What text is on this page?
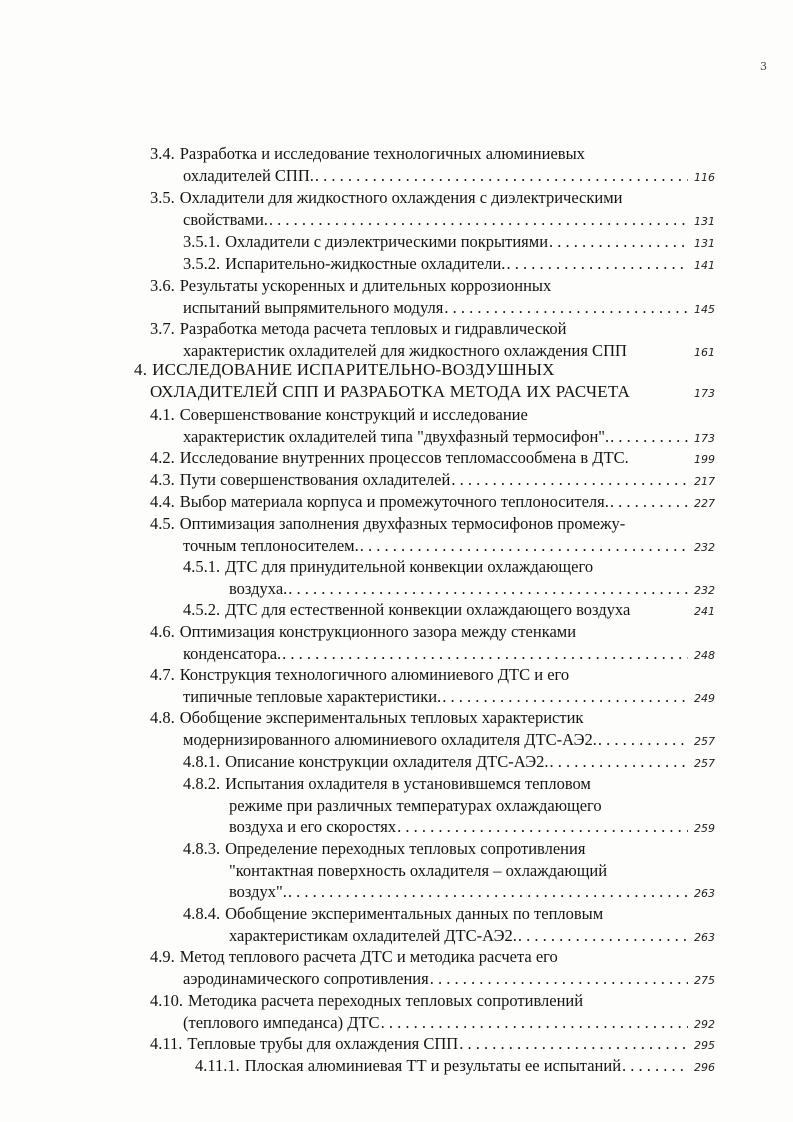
3
3.4. Разработка и исследование технологичных алюминиевых
охладителей СПП. . . .	116
3.5. Охладители для жидкостного охлаждения с диэлектрическими
свойствами. . . .	131
3.5.1. Охладители с диэлектрическими покрытиями . . .	131
3.5.2. Испарительно-жидкостные охладители. . . .	141
3.6. Результаты ускоренных и длительных коррозионных
испытаний выпрямительного модуля . . .	145
3.7. Разработка метода расчета тепловых и гидравлической
характеристик охладителей для жидкостного охлаждения СПП	161
4. ИССЛЕДОВАНИЕ ИСПАРИТЕЛЬНО-ВОЗДУШНЫХ
ОХЛАДИТЕЛЕЙ СПП И РАЗРАБОТКА МЕТОДА ИХ РАСЧЕТА	173
4.1. Совершенствование конструкций и исследование
характеристик охладителей типа "двухфазный термосифон". . . .	173
4.2. Исследование внутренних процессов тепломассообмена в ДТС.	199
4.3. Пути совершенствования охладителей . . .	217
4.4. Выбор материала корпуса и промежуточного теплоносителя. . . .	227
4.5. Оптимизация заполнения двухфазных термосифонов промежу-
точным теплоносителем. . . .	232
4.5.1. ДТС для принудительной конвекции охлаждающего
воздуха. . . .	232
4.5.2. ДТС для естественной конвекции охлаждающего воздуха	241
4.6. Оптимизация конструкционного зазора между стенками
конденсатора. . . .	248
4.7. Конструкция технологичного алюминиевого ДТС и его
типичные тепловые характеристики. . . .	249
4.8. Обобщение экспериментальных тепловых характеристик
модернизированного алюминиевого охладителя ДТС-АЭ2. . . .	257
4.8.1. Описание конструкции охладителя ДТС-АЭ2. . . .	257
4.8.2. Испытания охладителя в установившемся тепловом
режиме при различных температурах охлаждающего
воздуха и его скоростях . . .	259
4.8.3. Определение переходных тепловых сопротивления
"контактная поверхность охладителя – охлаждающий
воздух". . . .	263
4.8.4. Обобщение экспериментальных данных по тепловым
характеристикам охладителей ДТС-АЭ2. . . .	263
4.9. Метод теплового расчета ДТС и методика расчета его
аэродинамического сопротивления . . .	275
4.10. Методика расчета переходных тепловых сопротивлений
(теплового импеданса) ДТС . . .	292
4.11. Тепловые трубы для охлаждения СПП . . .	295
4.11.1. Плоская алюминиевая ТТ и результаты ее испытаний . . .	296
